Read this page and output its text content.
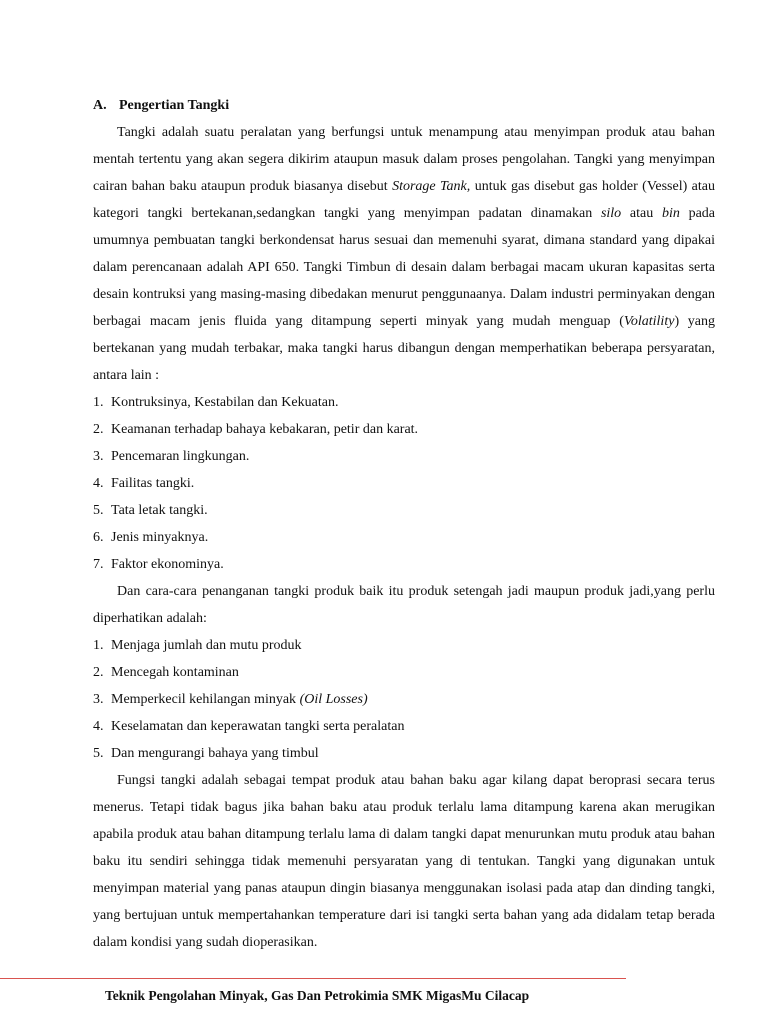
A. Pengertian Tangki

Tangki adalah suatu peralatan yang berfungsi untuk menampung atau menyimpan produk atau bahan mentah tertentu yang akan segera dikirim ataupun masuk dalam proses pengolahan. Tangki yang menyimpan cairan bahan baku ataupun produk biasanya disebut Storage Tank, untuk gas disebut gas holder (Vessel) atau kategori tangki bertekanan,sedangkan tangki yang menyimpan padatan dinamakan silo atau bin pada umumnya pembuatan tangki berkondensat harus sesuai dan memenuhi syarat, dimana standard yang dipakai dalam perencanaan adalah API 650. Tangki Timbun di desain dalam berbagai macam ukuran kapasitas serta desain kontruksi yang masing-masing dibedakan menurut penggunaanya. Dalam industri perminyakan dengan berbagai macam jenis fluida yang ditampung seperti minyak yang mudah menguap (Volatility) yang bertekanan yang mudah terbakar, maka tangki harus dibangun dengan memperhatikan beberapa persyaratan, antara lain :

1. Kontruksinya, Kestabilan dan Kekuatan.
2. Keamanan terhadap bahaya kebakaran, petir dan karat.
3. Pencemaran lingkungan.
4. Failitas tangki.
5. Tata letak tangki.
6. Jenis minyaknya.
7. Faktor ekonominya.

Dan cara-cara penanganan tangki produk baik itu produk setengah jadi maupun produk jadi,yang perlu diperhatikan adalah:

1. Menjaga jumlah dan mutu produk
2. Mencegah kontaminan
3. Memperkecil kehilangan minyak (Oil Losses)
4. Keselamatan dan keperawatan tangki serta peralatan
5. Dan mengurangi bahaya yang timbul

Fungsi tangki adalah sebagai tempat produk atau bahan baku agar kilang dapat beroprasi secara terus menerus. Tetapi tidak bagus jika bahan baku atau produk terlalu lama ditampung karena akan merugikan apabila produk atau bahan ditampung terlalu lama di dalam tangki dapat menurunkan mutu produk atau bahan baku itu sendiri sehingga tidak memenuhi persyaratan yang di tentukan. Tangki yang digunakan untuk menyimpan material yang panas ataupun dingin biasanya menggunakan isolasi pada atap dan dinding tangki, yang bertujuan untuk mempertahankan temperature dari isi tangki serta bahan yang ada didalam tetap berada dalam kondisi yang sudah dioperasikan.

Teknik Pengolahan Minyak, Gas Dan Petrokimia SMK MigasMu Cilacap
